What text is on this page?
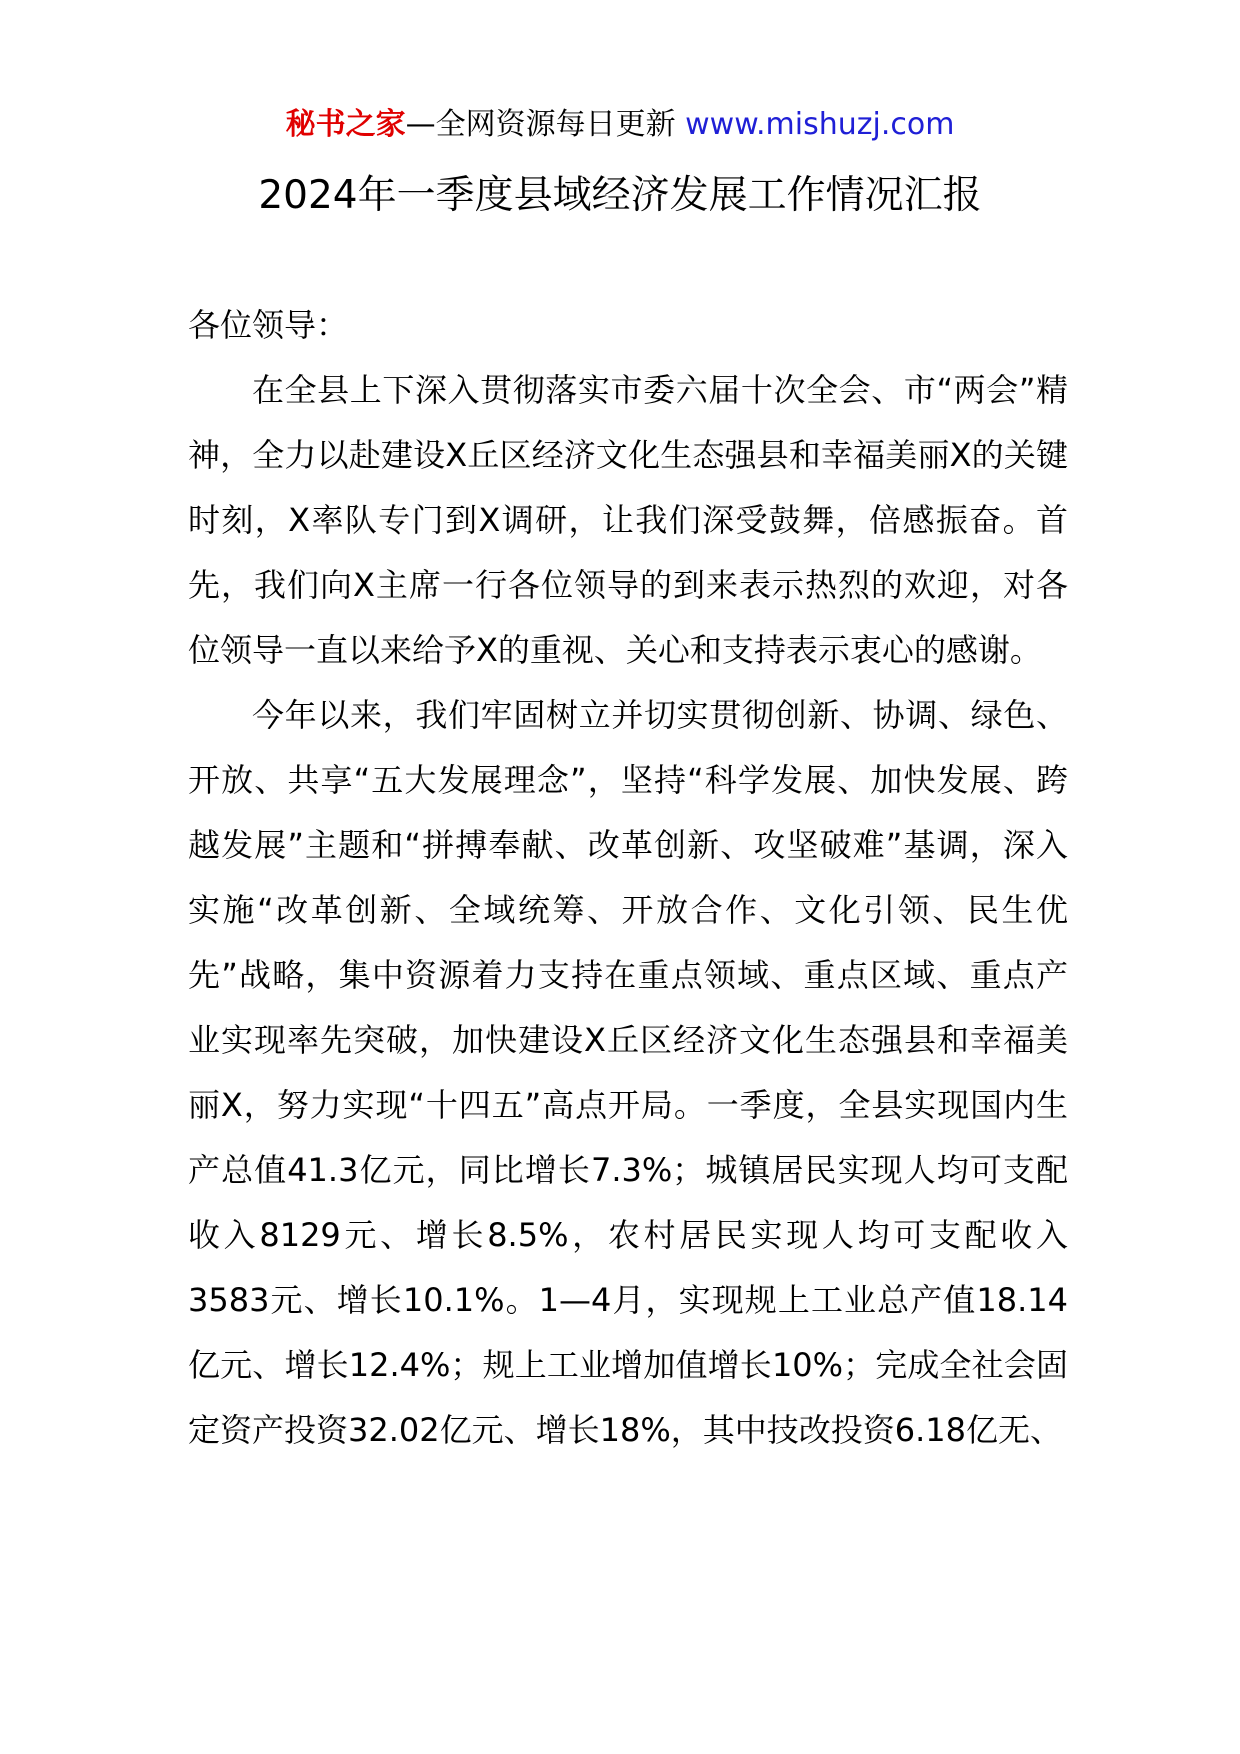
秘书之家—全网资源每日更新 www.mishuzj.com
2024年一季度县域经济发展工作情况汇报

各位领导：

在全县上下深入贯彻落实市委六届十次全会、市“两会”精神，全力以赴建设X丘区经济文化生态强县和幸福美丽X的关键时刻，X率队专门到X调研，让我们深受鼓舞，倍感振奋。首先，我们向X主席一行各位领导的到来表示热烈的欢迎，对各位领导一直以来给予X的重视、关心和支持表示衷心的感谢。

今年以来，我们牢固树立并切实贯彻创新、协调、绿色、开放、共享“五大发展理念”，坚持“科学发展、加快发展、跨越发展”主题和“拼搏奉献、改革创新、攻坚破难”基调，深入实施“改革创新、全域统筹、开放合作、文化引领、民生优先”战略，集中资源着力支持在重点领域、重点区域、重点产业实现率先突破，加快建设X丘区经济文化生态强县和幸福美丽X，努力实现“十四五”高点开局。一季度，全县实现国内生产总值41.3亿元，同比增长7.3%；城镇居民实现人均可支配收入8129元、增长8.5%，农村居民实现人均可支配收入3583元、增长10.1%。1—4月，实现规上工业总产值18.14亿元、增长12.4%；规上工业增加值增长10%；完成全社会固定资产投资32.02亿元、增长18%，其中技改投资6.18亿无、
